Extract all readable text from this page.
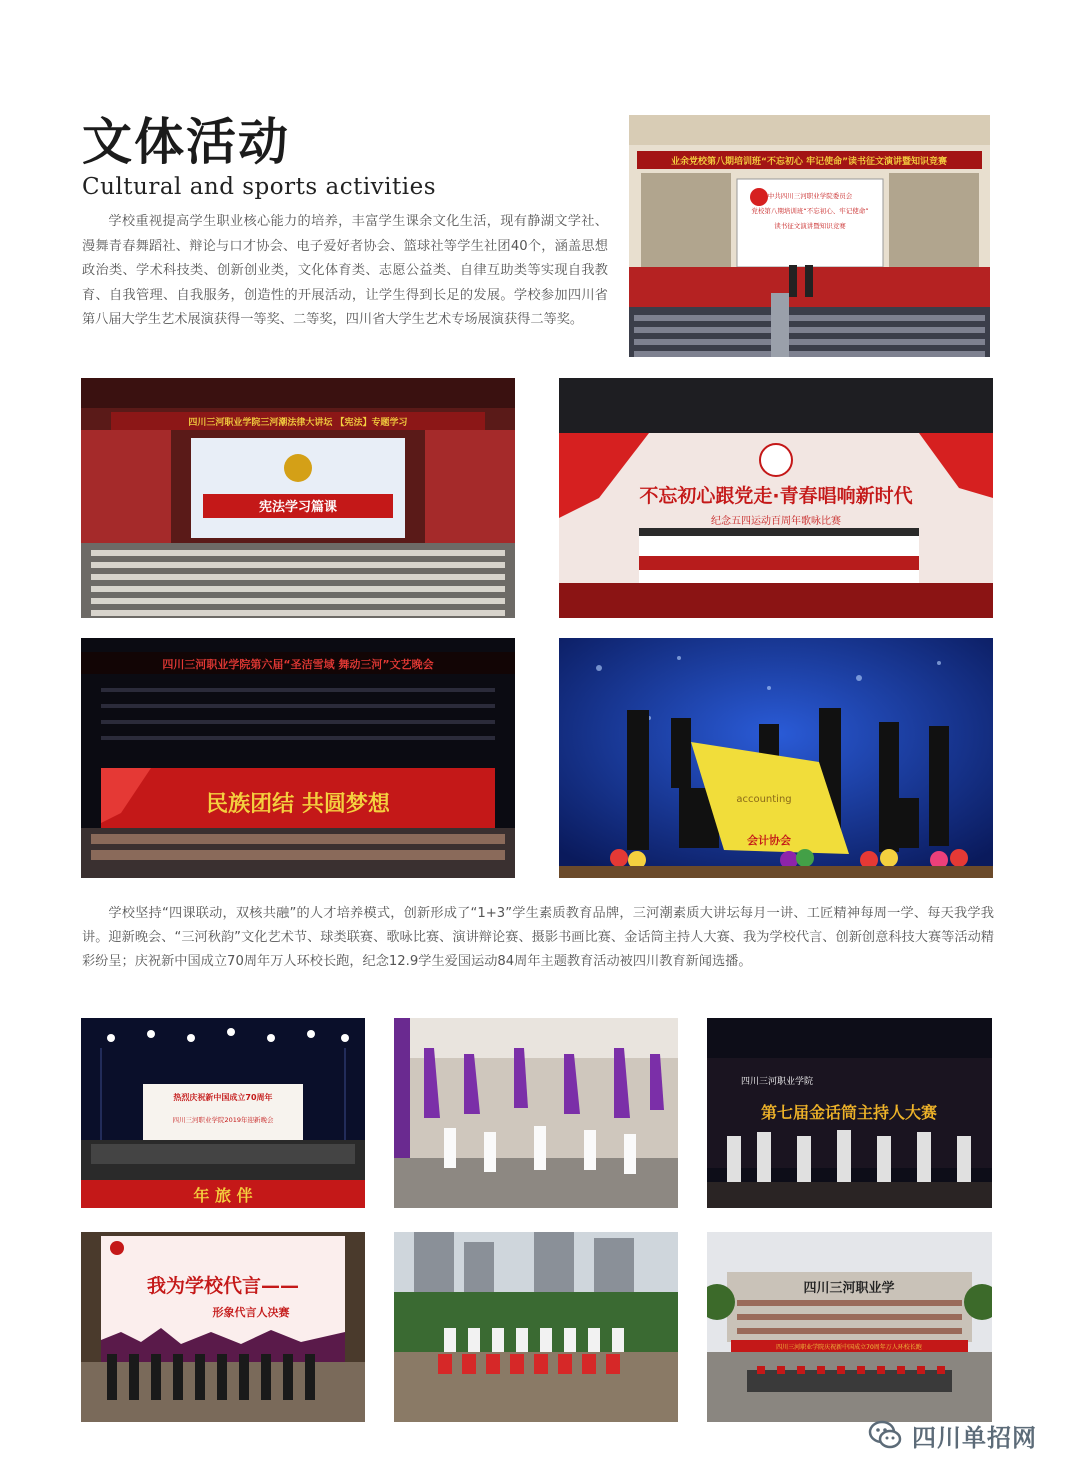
文体活动
Cultural and sports activities

学校重视提高学生职业核心能力的培养，丰富学生课余文化生活，现有静湖文学社、漫舞青春舞蹈社、辩论与口才协会、电子爱好者协会、篮球社等学生社团40个，涵盖思想政治类、学术科技类、创新创业类，文化体育类、志愿公益类、自律互助类等实现自我教育、自我管理、自我服务，创造性的开展活动，让学生得到长足的发展。学校参加四川省第八届大学生艺术展演获得一等奖、二等奖，四川省大学生艺术专场展演获得二等奖。

业余党校第八期培训班“不忘初心 牢记使命”读书征文演讲暨知识竞赛
中共四川三河职业学院委员会
党校第八期培训班“不忘初心、牢记使命”
读书征文演讲暨知识竞赛
四川三河职业学院三河潮法律大讲坛 【宪法】专题学习
宪法学习篇课
不忘初心跟党走·青春唱响新时代
纪念五四运动百周年歌咏比赛
四川三河职业学院第六届“圣洁雪域 舞动三河”文艺晚会
民族团结 共圆梦想	accounting
会计协会

学校坚持“四课联动，双核共融”的人才培养模式，创新形成了“1+3”学生素质教育品牌，三河潮素质大讲坛每月一讲、工匠精神每周一学、每天我学我讲。迎新晚会、“三河秋韵”文化艺术节、球类联赛、歌咏比赛、演讲辩论赛、摄影书画比赛、金话筒主持人大赛、我为学校代言、创新创意科技大赛等活动精彩纷呈；庆祝新中国成立70周年万人环校长跑，纪念12.9学生爱国运动84周年主题教育活动被四川教育新闻选播。

热烈庆祝新中国成立70周年
四川三河职业学院2019年迎新晚会
年 旅 伴
四川三河职业学院
第七届金话筒主持人大赛
我为学校代言——
形象代言人决赛
四川三河职业学
四川三河职业学院庆祝新中国成立70周年万人环校长跑
四川单招网
